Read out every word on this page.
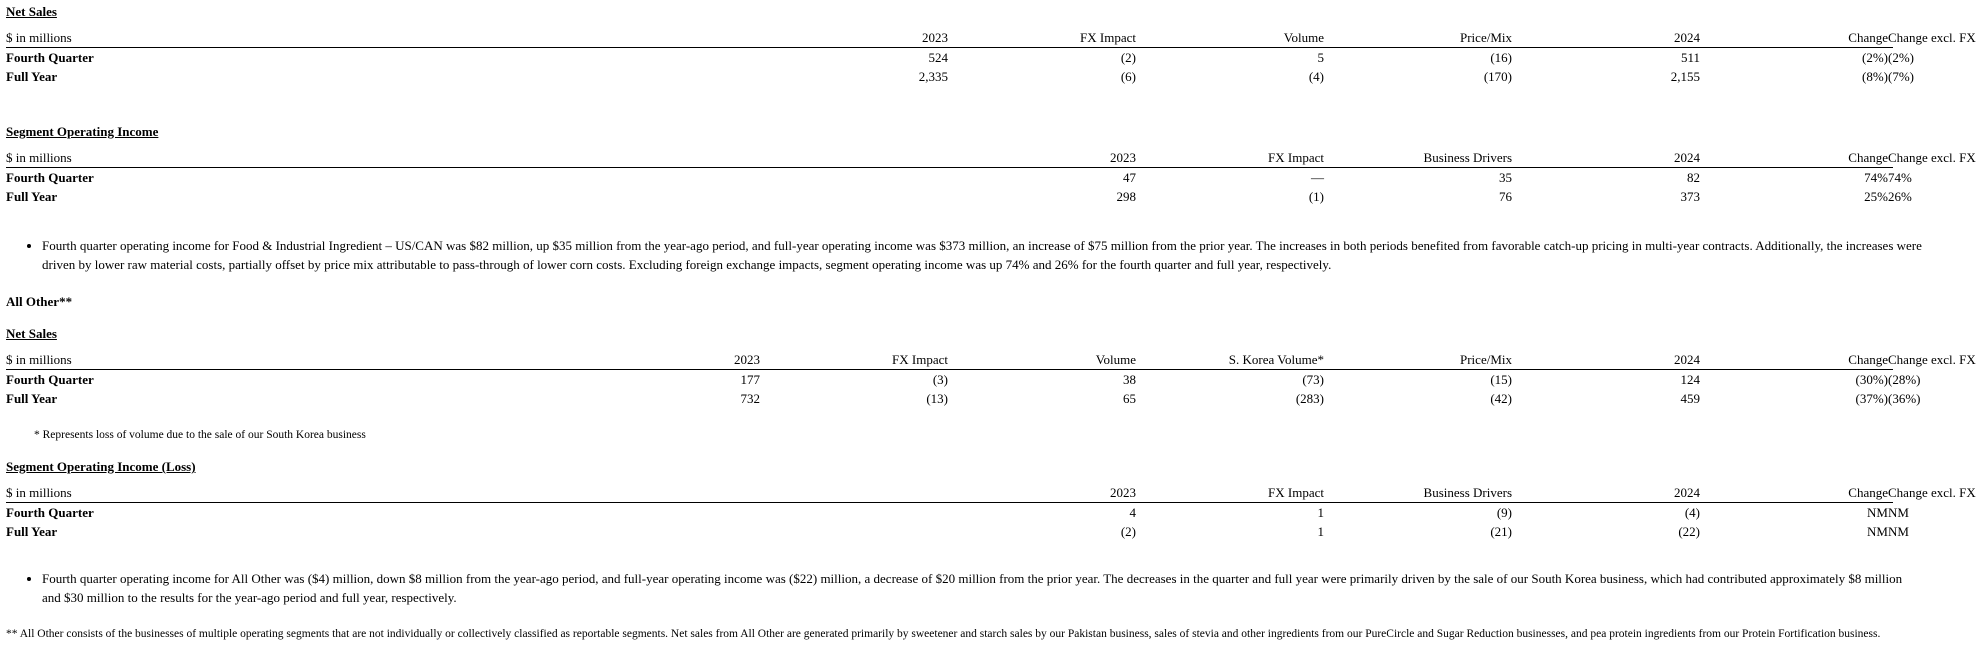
Net Sales
$ in millions	2023	FX Impact	Volume	Price/Mix	2024	Change	Change excl. FX
Fourth Quarter	524	(2)	5	(16)	511	(2%)	(2%)
Full Year	2,335	(6)	(4)	(170)	2,155	(8%)	(7%)
Segment Operating Income
$ in millions	2023	FX Impact	Business Drivers	2024	Change	Change excl. FX
Fourth Quarter	47	—	35	82	74%	74%
Full Year	298	(1)	76	373	25%	26%
• Fourth quarter operating income for Food & Industrial Ingredient – US/CAN was $82 million, up $35 million from the year-ago period, and full-year operating income was $373 million, an increase of $75 million from the prior year. The increases in both periods benefited from favorable catch-up pricing in multi-year contracts. Additionally, the increases were driven by lower raw material costs, partially offset by price mix attributable to pass-through of lower corn costs. Excluding foreign exchange impacts, segment operating income was up 74% and 26% for the fourth quarter and full year, respectively.
All Other**
Net Sales
$ in millions	2023	FX Impact	Volume	S. Korea Volume*	Price/Mix	2024	Change	Change excl. FX
Fourth Quarter	177	(3)	38	(73)	(15)	124	(30%)	(28%)
Full Year	732	(13)	65	(283)	(42)	459	(37%)	(36%)
* Represents loss of volume due to the sale of our South Korea business
Segment Operating Income (Loss)
$ in millions	2023	FX Impact	Business Drivers	2024	Change	Change excl. FX
Fourth Quarter	4	1	(9)	(4)	NM	NM
Full Year	(2)	1	(21)	(22)	NM	NM
• Fourth quarter operating income for All Other was ($4) million, down $8 million from the year-ago period, and full-year operating income was ($22) million, a decrease of $20 million from the prior year. The decreases in the quarter and full year were primarily driven by the sale of our South Korea business, which had contributed approximately $8 million and $30 million to the results for the year-ago period and full year, respectively.
** All Other consists of the businesses of multiple operating segments that are not individually or collectively classified as reportable segments. Net sales from All Other are generated primarily by sweetener and starch sales by our Pakistan business, sales of stevia and other ingredients from our PureCircle and Sugar Reduction businesses, and pea protein ingredients from our Protein Fortification business.
